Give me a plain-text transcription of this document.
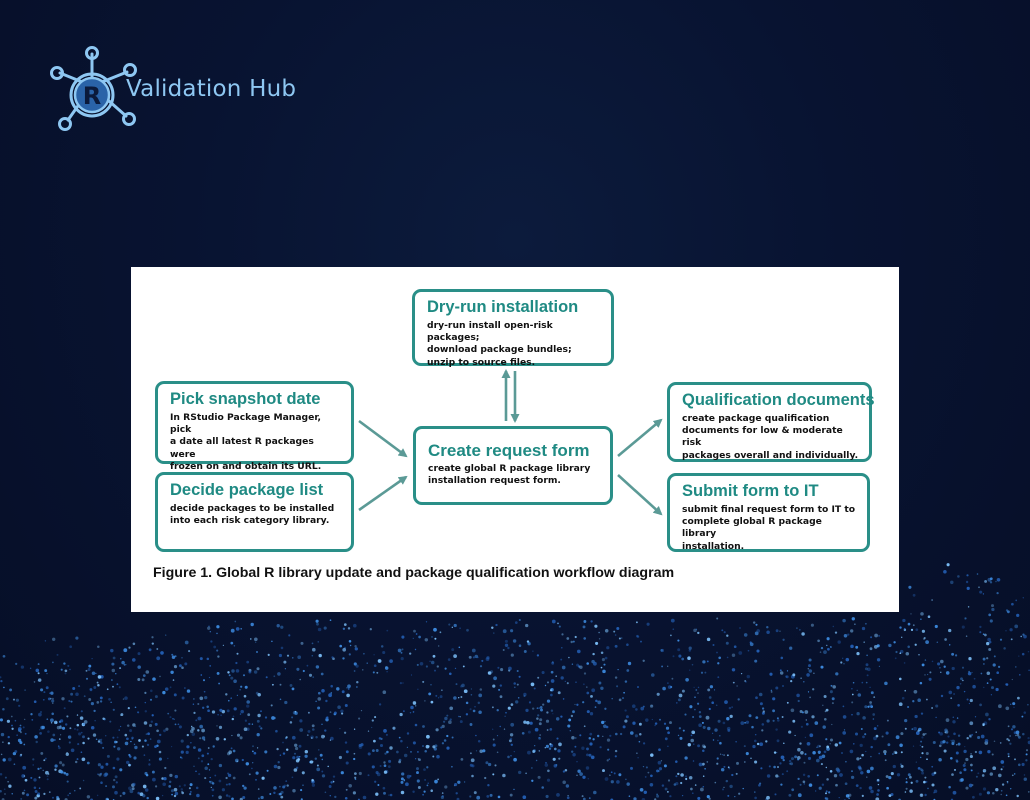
R Validation Hub
Dry-run installation
dry-run install open-risk packages;
download package bundles;
unzip to source files.
Pick snapshot date
In RStudio Package Manager, pick
a date all latest R packages were
frozen on and obtain its URL.
Create request form
create global R package library
installation request form.
Decide package list
decide packages to be installed
into each risk category library.
Qualification documents
create package qualification
documents for low & moderate risk
packages overall and individually.
Submit form to IT
submit final request form to IT to
complete global R package library
installation.
Figure 1. Global R library update and package qualification workflow diagram
